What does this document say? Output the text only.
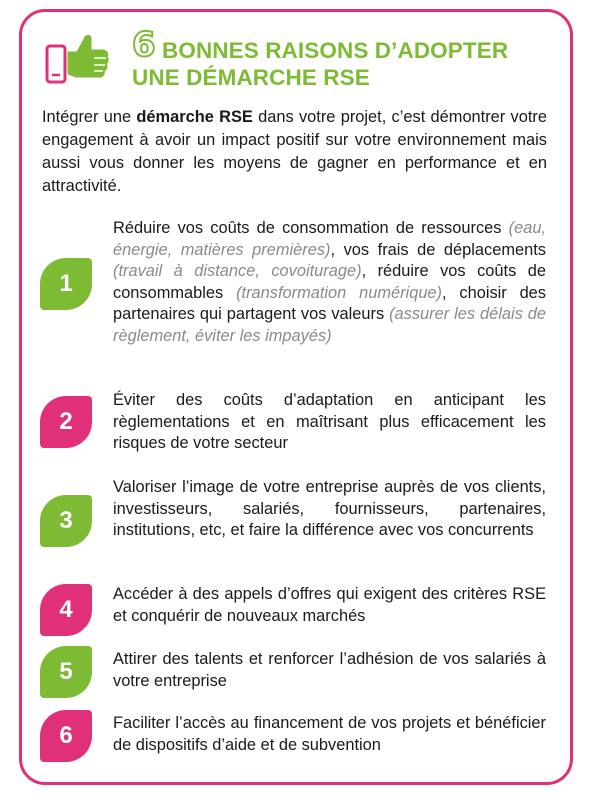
6 BONNES RAISONS D’ADOPTER
UNE DÉMARCHE RSE

Intégrer une démarche RSE dans votre projet, c’est démontrer votre engagement à avoir un impact positif sur votre environnement mais aussi vous donner les moyens de gagner en performance et en attractivité.

1

Réduire vos coûts de consommation de ressources (eau, énergie, matières premières), vos frais de déplacements (travail à distance, covoiturage), réduire vos coûts de consommables (transformation numérique), choisir des partenaires qui partagent vos valeurs (assurer les délais de règlement, éviter les impayés)

2

Éviter des coûts d’adaptation en anticipant les règlementations et en maîtrisant plus efficacement les risques de votre secteur

3

Valoriser l’image de votre entreprise auprès de vos clients, investisseurs, salariés, fournisseurs, partenaires, institutions, etc, et faire la différence avec vos concurrents

4

Accéder à des appels d’offres qui exigent des critères RSE et conquérir de nouveaux marchés

5	Attirer des talents et renforcer l’adhésion de vos salariés à votre entreprise

6	Faciliter l’accès au financement de vos projets et bénéficier de dispositifs d’aide et de subvention
